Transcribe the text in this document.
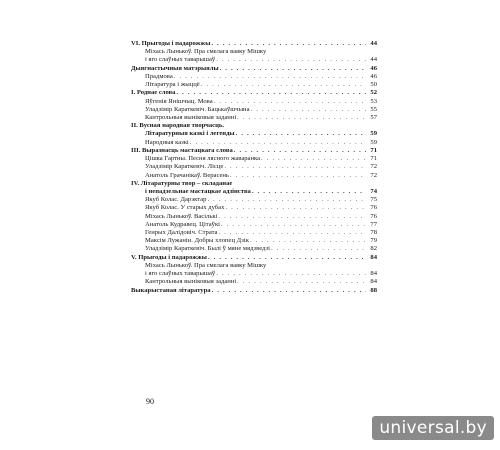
VI. Прыгоды і падарожжы . . .	44
Міхась Лынькоў. Пра смелага ваяку Мішку
і яго слаўных таварышаў . . .	44
Дыягнастычныя матэрыялы . . .	46
Прадмова . . .	46
Літаратура і жыццё . . .	50
І. Роднае слова . . .	52
Яўгенія Янішчыц. Мова . . .	53
Уладзімір Караткевіч. Бацькаўшчына . . .	55
Кантрольныя выніковыя заданні . . .	57
ІІ. Вусная народная творчасць.
Літаратурныя казкі і легенды . . .	59
Народныя казкі . . .	59
ІІІ. Выразнасць мастацкага слова . . .	71
Цішка Гартны. Песня лясного жаваранка . . .	71
Уладзімір Караткевіч. Лісце . . .	72
Анатоль Грачанікаў. Верасень . . .	72
IV. Літаратурны твор – складанае
і непадзельнае мастацкае адзінства . . .	74
Якуб Колас. Дарэктар . . .	75
Якуб Колас. У старых дубах . . .	76
Міхась Лынькоў. Васількі . . .	76
Анатоль Кудравец. Цітаўкі . . .	77
Генрых Далідовіч. Страта . . .	78
Максім Лужанін. Добры хлопец Дзік . . .	79
Уладзімір Караткевіч. Былі ў мяне мядзведзі . . .	82
V. Прыгоды і падарожжы . . .	84
Міхась Лынькоў. Пра смелага ваяку Мішку
і яго слаўных таварышаў . . .	84
Кантрольныя выніковыя заданні . . .	84
Выкарыстаная літаратура . . .	88
90
universal.by
